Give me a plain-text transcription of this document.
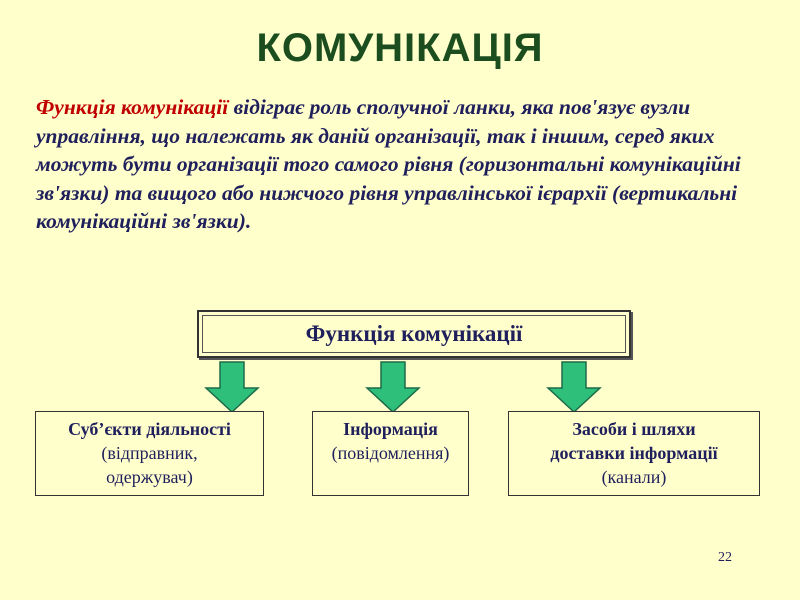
КОМУНІКАЦІЯ
Функція комунікації відіграє роль сполучної ланки, яка пов'язує вузли управління, що належать як даній організації, так і іншим, серед яких можуть бути організації того самого рівня (горизонтальні комунікаційні зв'язки) та вищого або нижчого рівня управлінської ієрархії (вертикальні комунікаційні зв'язки).
Функція комунікації
Суб’єкти діяльності
(відправник,
одержувач)
Інформація
(повідомлення)
Засоби і шляхи
доставки інформації
(канали)
22
